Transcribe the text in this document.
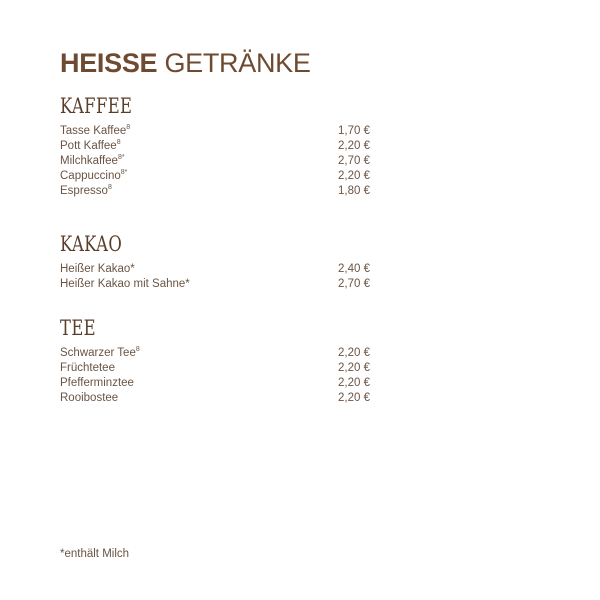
HEISSE GETRÄNKE
KAFFEE
Tasse Kaffee$^8$	1,70 €
Pott Kaffee$^8$	2,20 €
Milchkaffee$^{8*}$	2,70 €
Cappuccino$^{8*}$	2,20 €
Espresso$^8$	1,80 €
KAKAO
Heißer Kakao*	2,40 €
Heißer Kakao mit Sahne*	2,70 €
TEE
Schwarzer Tee$^8$	2,20 €
Früchtetee	2,20 €
Pfefferminztee	2,20 €
Rooibostee	2,20 €
*enthält Milch
